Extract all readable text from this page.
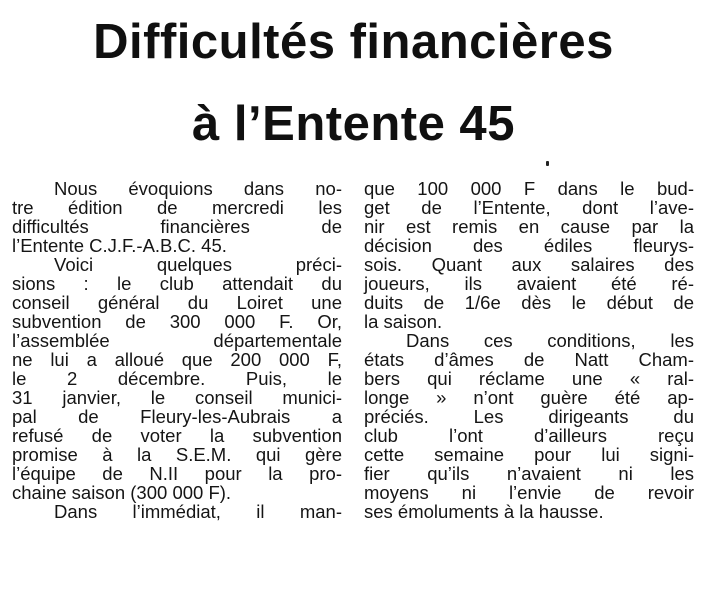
Difficultés financières
à l’Entente 45
Nous évoquions dans no-
tre édition de mercredi les
difficultés financières de
l’Entente C.J.F.-A.B.C. 45.
Voici quelques préci-
sions : le club attendait du
conseil général du Loiret une
subvention de 300 000 F. Or,
l’assemblée départementale
ne lui a alloué que 200 000 F,
le 2 décembre. Puis, le
31 janvier, le conseil munici-
pal de Fleury-les-Aubrais a
refusé de voter la subvention
promise à la S.E.M. qui gère
l’équipe de N.II pour la pro-
chaine saison (300 000 F).
Dans l’immédiat, il man-
que 100 000 F dans le bud-
get de l’Entente, dont l’ave-
nir est remis en cause par la
décision des édiles fleurys-
sois. Quant aux salaires des
joueurs, ils avaient été ré-
duits de 1/6e dès le début de
la saison.
Dans ces conditions, les
états d’âmes de Natt Cham-
bers qui réclame une « ral-
longe » n’ont guère été ap-
préciés. Les dirigeants du
club l’ont d’ailleurs reçu
cette semaine pour lui signi-
fier qu’ils n’avaient ni les
moyens ni l’envie de revoir
ses émoluments à la hausse.
